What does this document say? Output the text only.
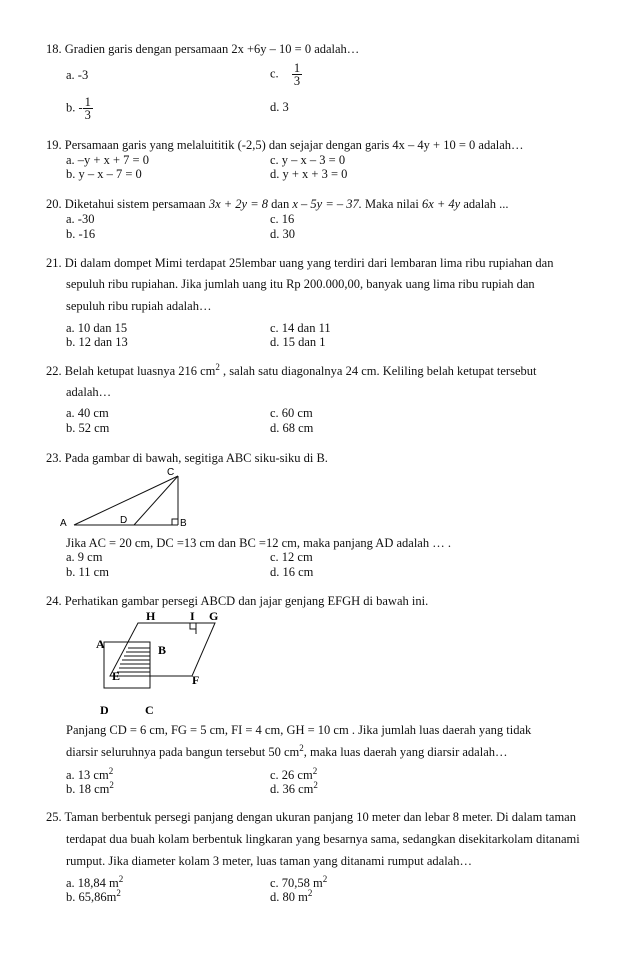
18. Gradien garis dengan persamaan 2x +6y – 10 = 0 adalah…
a. -3	c. $\frac{1}{3}$
b. - $\frac{1}{3}$	d. 3
19. Persamaan garis yang melaluititik (-2,5) dan sejajar dengan garis 4x – 4y + 10 = 0 adalah…
a. –y + x + 7 = 0	c. y – x – 3 = 0
b. y – x – 7 = 0	d. y + x + 3 = 0
20. Diketahui sistem persamaan 3x + 2y = 8 dan x – 5y = – 37. Maka nilai 6x + 4y adalah ...
a. -30	c. 16
b. -16	d. 30
21. Di dalam dompet Mimi terdapat 25lembar uang yang terdiri dari lembaran lima ribu rupiahan dan
sepuluh ribu rupiahan. Jika jumlah uang itu Rp 200.000,00, banyak uang lima ribu rupiah dan
sepuluh ribu rupiah adalah…
a. 10 dan 15	c. 14 dan 11
b. 12 dan 13	d. 15 dan 1
22. Belah ketupat luasnya 216 $cm^2$ , salah satu diagonalnya 24 cm. Keliling belah ketupat tersebut
adalah…
a. 40 cm	c. 60 cm
b. 52 cm	d. 68 cm
23. Pada gambar di bawah, segitiga ABC siku-siku di B.
A	B
C
D
Jika AC = 20 cm, DC =13 cm dan BC =12 cm, maka panjang AD adalah … .
a. 9 cm	c. 12 cm
b. 11 cm	d. 16 cm
24. Perhatikan gambar persegi ABCD dan jajar genjang EFGH di bawah ini.
H	I G
A	B
E	F
D	C
Panjang CD = 6 cm, FG = 5 cm, FI = 4 cm, GH = 10 cm . Jika jumlah luas daerah yang tidak
diarsir seluruhnya pada bangun tersebut 50 $cm^2$, maka luas daerah yang diarsir adalah…
a. 13 $cm^2$	c. 26 $cm^2$
b. 18 $cm^2$	d. 36 $cm^2$
25. Taman berbentuk persegi panjang dengan ukuran panjang 10 meter dan lebar 8 meter. Di dalam taman
terdapat dua buah kolam berbentuk lingkaran yang besarnya sama, sedangkan disekitarkolam ditanami
rumput. Jika diameter kolam 3 meter, luas taman yang ditanami rumput adalah…
a. 18,84 $m^2$	c. 70,58 $m^2$
b. $65,86m^2$	d. 80 $m^2$
